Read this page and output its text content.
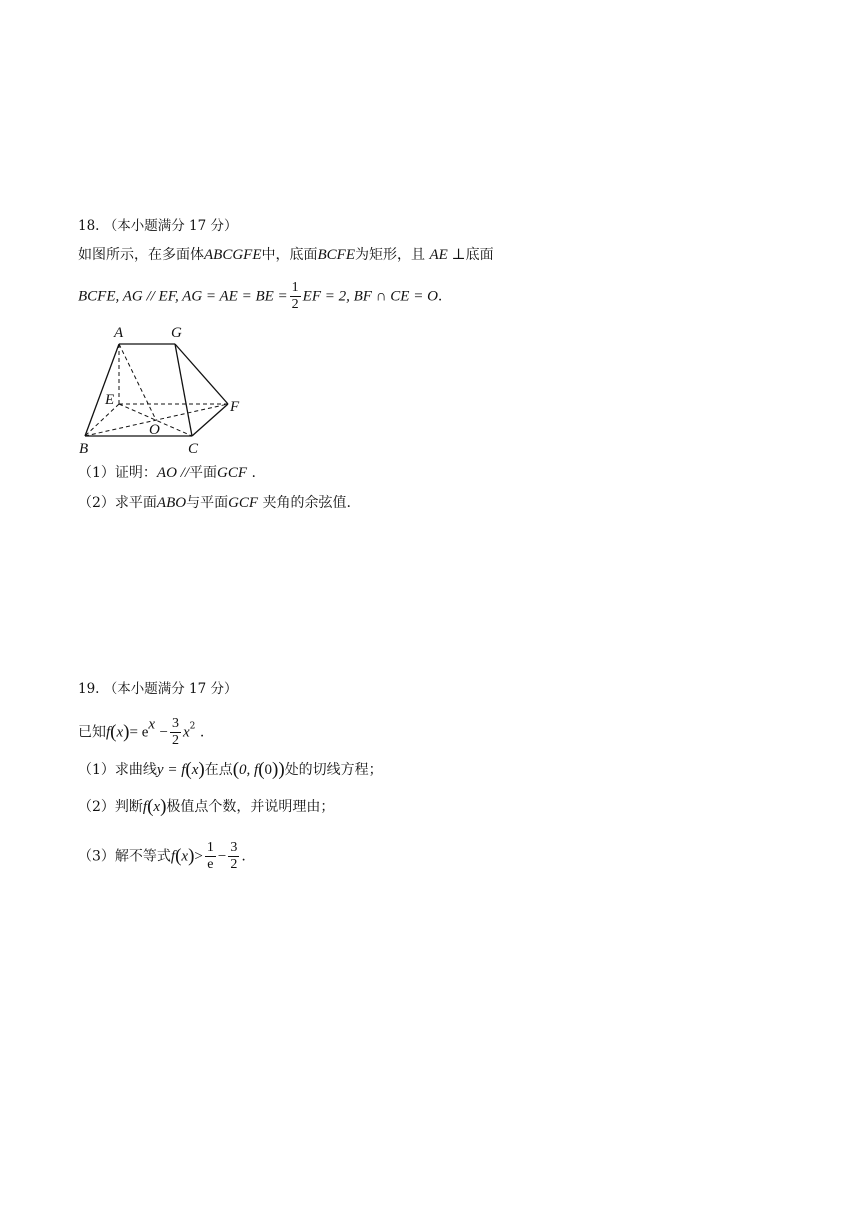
18. （本小题满分 17 分）
如图所示，在多面体ABCGFE中，底面BCFE为矩形，且 AE ⊥底面
BCFE, AG // EF, AG = AE = BE = $\frac{1}{2}$ EF = 2, BF ∩ CE = O.
A	G
E	F
O
B	C
（1）证明：AO //平面GCF .
（2）求平面ABO与平面GCF 夹角的余弦值.
19. （本小题满分 17 分）
已知$f(x)= e^x - \frac{3}{2} x^2$ .
（1）求曲线y = f(x)在点(0, f(0))处的切线方程；
（2）判断f(x)极值点个数，并说明理由；
（3）解不等式$f(x)> \frac{1}{e} - \frac{3}{2}$ .
